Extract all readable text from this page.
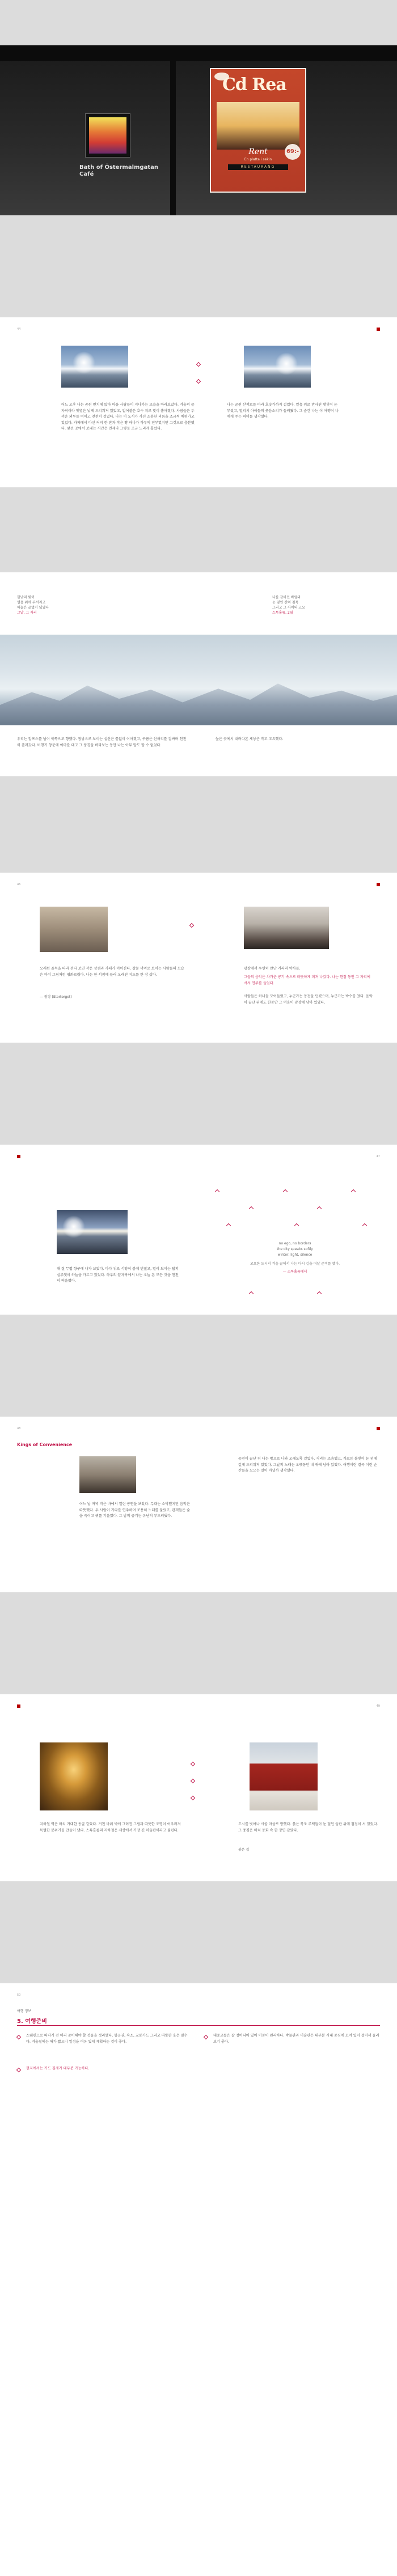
Bath of Östermalmgatan Café
Cd Rea
69:-
Rent
En platta i sekin
RESTAURANG
44
어느 오후 나는 공원 벤치에 앉아 마을 사람들이 지나가는 모습을 바라보았다. 겨울의 끝자락이라 햇볕은 낮게 드리워져 있었고, 얼어붙은 호수 위로 빛이 흩어졌다. 사람들은 두꺼운 외투를 여미고 천천히 걸었다. 나는 이 도시가 가진 조용한 리듬을 조금씩 배워가고 있었다. 카페에서 마신 커피 한 잔과 작은 빵 하나가 하루의 전부였지만 그것으로 충분했다. 낯선 곳에서 보내는 시간은 언제나 그렇듯 조금 느리게 흘렀다.
나는 공원 산책로를 따라 호숫가까지 걸었다. 얼음 위로 반사된 햇빛이 눈부셨고, 멀리서 아이들의 웃음소리가 들려왔다. 그 순간 나는 이 여행이 나에게 주는 의미를 생각했다.
한낮의 빛이
얼음 위에 부서지고
하늘은 끝없이 넓었다
그날, 그 자리
나를 감싸던 바람과
눈 덮인 산의 침묵
그리고 그 사이의 고요
스톡홀름, 2월
우리는 알프스를 넘어 북쪽으로 향했다. 창밖으로 보이는 설산은 끝없이 이어졌고, 구름은 산허리를 감싸며 천천히 흘러갔다. 비행기 창문에 이마를 대고 그 풍경을 바라보는 동안 나는 아무 말도 할 수 없었다.
높은 곳에서 내려다본 세상은 작고 고요했다.
46
오래된 골목을 따라 걷다 보면 작은 상점과 카페가 이어진다. 창문 너머로 보이는 사람들의 모습은 마치 그림처럼 평화로웠다. 나는 한 서점에 들러 오래된 지도를 한 장 샀다.
— 광장 (Stortorget)
광장에서 우연히 만난 거리의 악사들.
그들의 음악은 차가운 공기 속으로 따뜻하게 퍼져 나갔다. 나는 한참 동안 그 자리에 서서 연주를 들었다.
사람들은 하나둘 모여들었고, 누군가는 동전을 던졌으며, 누군가는 박수를 쳤다. 음악이 끝난 뒤에도 한동안 그 여운이 광장에 남아 있었다.
47
해 질 무렵 항구에 나가 보았다. 바다 위로 석양이 붉게 번졌고, 멀리 보이는 탑의 실루엣이 하늘을 가르고 있었다. 하루의 끝자락에서 나는 오늘 본 모든 것을 천천히 떠올렸다.
no ego, no borders
the city speaks softly
winter, light, silence
고요한 도시의 겨울 끝에서 나는 다시 길을 떠날 준비를 했다.
— 스톡홀름에서
48
Kings of Convenience
어느 날 저녁 작은 바에서 열린 공연을 보았다. 무대는 소박했지만 음악은 따뜻했다. 두 사람이 기타를 연주하며 조용히 노래를 불렀고, 관객들은 숨을 죽이고 귀를 기울였다. 그 밤의 공기는 유난히 부드러웠다.
공연이 끝난 뒤 나는 밖으로 나와 오래도록 걸었다. 거리는 조용했고, 가로등 불빛이 눈 위에 길게 드리워져 있었다. 그날의 노래는 오랫동안 내 귀에 남아 있었다. 여행이란 결국 이런 순간들을 모으는 일이 아닐까 생각했다.
49
지하철 역은 마치 거대한 동굴 같았다. 거친 바위 벽에 그려진 그림과 따뜻한 조명이 어우러져 특별한 분위기를 만들어 냈다. 스톡홀름의 지하철은 세상에서 가장 긴 미술관이라고 불린다.
도시를 벗어나 시골 마을로 향했다. 붉은 목조 주택들이 눈 덮인 들판 위에 점점이 서 있었다. 그 풍경은 마치 동화 속 한 장면 같았다.
붉은 집
50
여행 정보
5. 여행준비
스웨덴으로 떠나기 전 미리 준비해야 할 것들을 정리했다. 항공권, 숙소, 교통카드 그리고 따뜻한 옷은 필수다. 겨울철에는 해가 짧으니 일정을 여유 있게 계획하는 것이 좋다.
현지에서는 카드 결제가 대부분 가능하다.
대중교통은 잘 정비되어 있어 이동이 편리하다. 박물관과 미술관은 대부분 시내 중심에 모여 있어 걸어서 둘러보기 좋다.
